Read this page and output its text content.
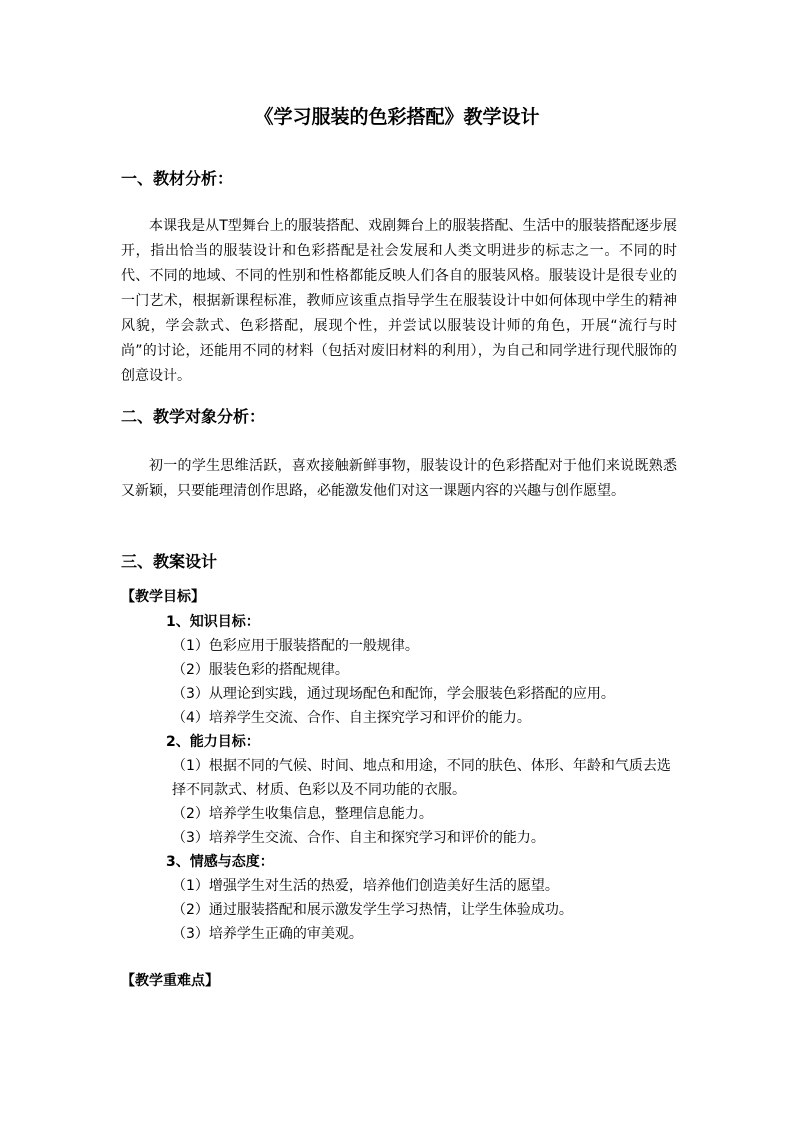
《学习服装的色彩搭配》教学设计
一、教材分析：
本课我是从T型舞台上的服装搭配、戏剧舞台上的服装搭配、生活中的服装搭配逐步展开，指出恰当的服装设计和色彩搭配是社会发展和人类文明进步的标志之一。不同的时代、不同的地域、不同的性别和性格都能反映人们各自的服装风格。服装设计是很专业的一门艺术，根据新课程标准，教师应该重点指导学生在服装设计中如何体现中学生的精神风貌，学会款式、色彩搭配，展现个性，并尝试以服装设计师的角色，开展“流行与时尚”的讨论，还能用不同的材料（包括对废旧材料的利用），为自己和同学进行现代服饰的创意设计。
二、教学对象分析：
初一的学生思维活跃，喜欢接触新鲜事物，服装设计的色彩搭配对于他们来说既熟悉又新颖，只要能理清创作思路，必能激发他们对这一课题内容的兴趣与创作愿望。
三、教案设计
【教学目标】
1、知识目标：
（1）色彩应用于服装搭配的一般规律。
（2）服装色彩的搭配规律。
（3）从理论到实践，通过现场配色和配饰，学会服装色彩搭配的应用。
（4）培养学生交流、合作、自主探究学习和评价的能力。
2、能力目标：
（1）根据不同的气候、时间、地点和用途，不同的肤色、体形、年龄和气质去选择不同款式、材质、色彩以及不同功能的衣服。
（2）培养学生收集信息，整理信息能力。
（3）培养学生交流、合作、自主和探究学习和评价的能力。
3、情感与态度：
（1）增强学生对生活的热爱，培养他们创造美好生活的愿望。
（2）通过服装搭配和展示激发学生学习热情，让学生体验成功。
（3）培养学生正确的审美观。
【教学重难点】
